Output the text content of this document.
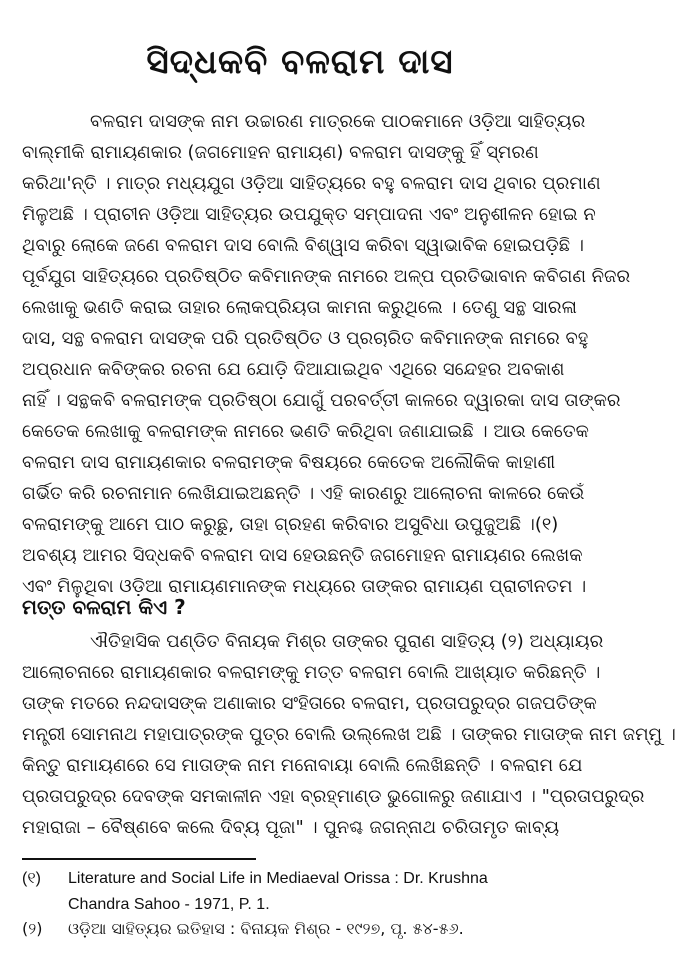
ସିଦ୍ଧକବି ବଳରାମ ଦାସ
ବଳରାମ ଦାସଙ୍କ ନାମ ଉଚ୍ଚାରଣ ମାତ୍ରକେ ପାଠକମାନେ ଓଡ଼ିଆ ସାହିତ୍ୟର
ବାଲ୍ମୀକି ରାମାୟଣକାର (ଜଗମୋହନ ରାମାୟଣ) ବଳରାମ ଦାସଙ୍କୁ ହିଁ ସ୍ମରଣ
କରିଥା'ନ୍ତି । ମାତ୍ର ମଧ୍ୟଯୁଗ ଓଡ଼ିଆ ସାହିତ୍ୟରେ ବହୁ ବଳରାମ ଦାସ ଥିବାର ପ୍ରମାଣ
ମିଳୁଅଛି । ପ୍ରାଚୀନ ଓଡ଼ିଆ ସାହିତ୍ୟର ଉପଯୁକ୍ତ ସମ୍ପାଦନା ଏବଂ ଅନୁଶୀଳନ ହୋଇ ନ
ଥିବାରୁ ଲୋକେ ଜଣେ ବଳରାମ ଦାସ ବୋଲି ବିଶ୍ୱାସ କରିବା ସ୍ୱାଭାବିକ ହୋଇପଡ଼ିଛି ।
ପୂର୍ବଯୁଗ ସାହିତ୍ୟରେ ପ୍ରତିଷ୍ଠିତ କବିମାନଙ୍କ ନାମରେ ଅଳ୍ପ ପ୍ରତିଭାବାନ କବିଗଣ ନିଜର
ଲେଖାକୁ ଭଣତି କରାଇ ତାହାର ଲୋକପ୍ରିୟତା କାମନା କରୁଥିଲେ । ତେଣୁ ସନ୍ଥ ସାରଳା
ଦାସ, ସନ୍ଥ ବଳରାମ ଦାସଙ୍କ ପରି ପ୍ରତିଷ୍ଠିତ ଓ ପ୍ରଚାରିତ କବିମାନଙ୍କ ନାମରେ ବହୁ
ଅପ୍ରଧାନ କବିଙ୍କର ରଚନା ଯେ ଯୋଡ଼ି ଦିଆଯାଇଥିବ ଏଥିରେ ସନ୍ଦେହର ଅବକାଶ
ନାହିଁ । ସନ୍ଥକବି ବଳରାମଙ୍କ ପ୍ରତିଷ୍ଠା ଯୋଗୁଁ ପରବର୍ତ୍ତୀ କାଳରେ ଦ୍ୱାରକା ଦାସ ତାଙ୍କର
କେତେକ ଲେଖାକୁ ବଳରାମଙ୍କ ନାମରେ ଭଣତି କରିଥିବା ଜଣାଯାଇଛି । ଆଉ କେତେକ
ବଳରାମ ଦାସ ରାମାୟଣକାର ବଳରାମଙ୍କ ବିଷୟରେ କେତେକ ଅଲୌକିକ କାହାଣୀ
ଗର୍ଭିତ କରି ରଚନାମାନ ଲେଖିଯାଇଅଛନ୍ତି । ଏହି କାରଣରୁ ଆଲୋଚନା କାଳରେ କେଉଁ
ବଳରାମଙ୍କୁ ଆମେ ପାଠ କରୁଛୁ, ତାହା ଗ୍ରହଣ କରିବାର ଅସୁବିଧା ଉପୁଜୁଅଛି ।(୧)
ଅବଶ୍ୟ ଆମର ସିଦ୍ଧକବି ବଳରାମ ଦାସ ହେଉଛନ୍ତି ଜଗମୋହନ ରାମାୟଣର ଲେଖକ
ଏବଂ ମିଳୁଥିବା ଓଡ଼ିଆ ରାମାୟଣମାନଙ୍କ ମଧ୍ୟରେ ତାଙ୍କର ରାମାୟଣ ପ୍ରାଚୀନତମ ।
ମତ୍ତ ବଳରାମ କିଏ ?
ଐତିହାସିକ ପଣ୍ଡିତ ବିନାୟକ ମିଶ୍ର ତାଙ୍କର ପୁରାଣ ସାହିତ୍ୟ (୨) ଅଧ୍ୟାୟର
ଆଲୋଚନାରେ ରାମାୟଣକାର ବଳରାମଙ୍କୁ ମତ୍ତ ବଳରାମ ବୋଲି ଆଖ୍ୟାତ କରିଛନ୍ତି ।
ତାଙ୍କ ମତରେ ନନ୍ଦଦାସଙ୍କ ଅଣାକାର ସଂହିତାରେ ବଳରାମ, ପ୍ରତାପରୁଦ୍ର ଗଜପତିଙ୍କ
ମନ୍ତ୍ରୀ ସୋମନାଥ ମହାପାତ୍ରଙ୍କ ପୁତ୍ର ବୋଲି ଉଲ୍ଲେଖ ଅଛି । ତାଙ୍କର ମାତାଙ୍କ ନାମ ଜମ୍ମୁ ।
କିନ୍ତୁ ରାମାୟଣରେ ସେ ମାତାଙ୍କ ନାମ ମନୋବାୟା ବୋଲି ଲେଖିଛନ୍ତି । ବଳରାମ ଯେ
ପ୍ରତାପରୁଦ୍ର ଦେବଙ୍କ ସମକାଳୀନ ଏହା ବ୍ରହ୍ମାଣ୍ଡ ଭୁଗୋଳରୁ ଜଣାଯାଏ । "ପ୍ରତାପରୁଦ୍ର
ମହାରାଜା – ବୈଷ୍ଣବେ କଲେ ଦିବ୍ୟ ପୂଜା" । ପୁନଶ୍ଚ ଜଗନ୍ନାଥ ଚରିତାମୃତ କାବ୍ୟ
(୧) Literature and Social Life in Mediaeval Orissa : Dr. Krushna
Chandra Sahoo - 1971, P. 1.
(୨) ଓଡ଼ିଆ ସାହିତ୍ୟର ଇତିହାସ : ବିନାୟକ ମିଶ୍ର - ୧୯୨୭, ପୃ. ୫୪-୫୬.
